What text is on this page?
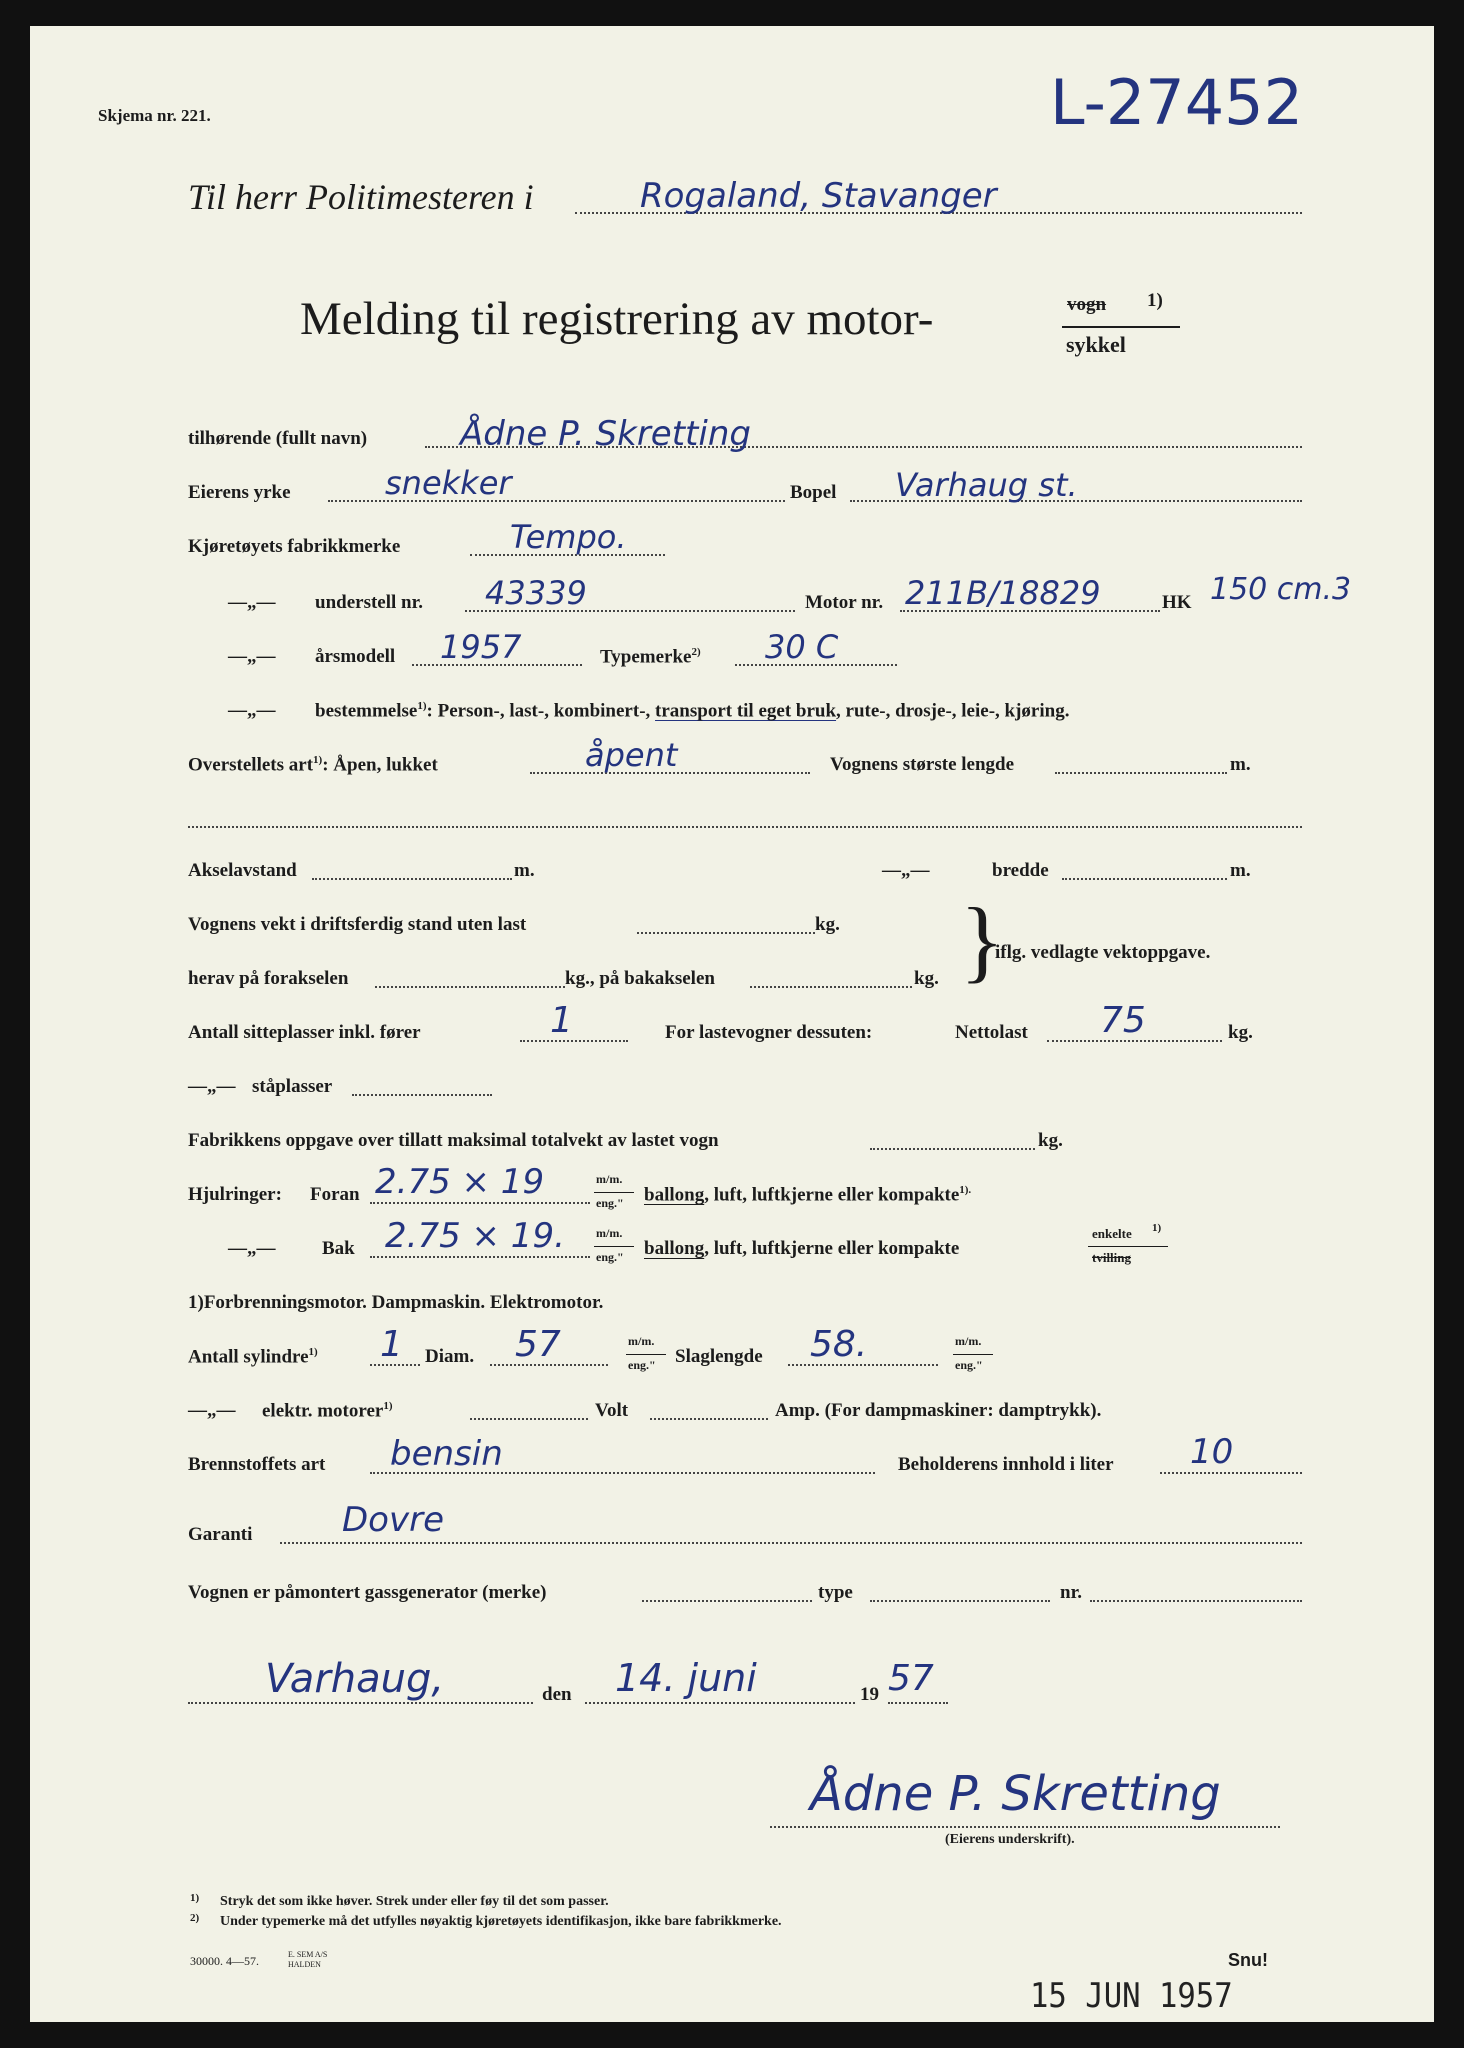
Skjema nr. 221.	L-27452
Til herr Politimesteren i	Rogaland, Stavanger
Melding til registrering av motor-	vogn 1)
sykkel
tilhørende (fullt navn)	Ådne P. Skretting
Eierens yrke	snekker	Bopel Varhaug st.
Kjøretøyets fabrikkmerke	Tempo.
—„— understell nr. 43339	Motor nr. 211B/18829	HK 150 cm.3
—„— årsmodell 1957	Typemerke$^{2)}$ 30 C
—„— bestemmelse$^{1)}$: Person-, last-, kombinert-, transport til eget bruk, rute-, drosje-, leie-, kjøring.
Overstellets art$^{1)}$: Åpen, lukket	åpent	Vognens største lengde	m.
Akselavstand	m.	—„—	bredde	m.
Vognens vekt i driftsferdig stand uten last	kg. }
iflg. vedlagte vektoppgave.
herav på forakselen	kg., på bakakselen	kg.
Antall sitteplasser inkl. fører	1	For lastevogner dessuten:	Nettolast 75	kg.
—„— ståplasser
Fabrikkens oppgave over tillatt maksimal totalvekt av lastet vogn	kg.
Hjulringer: Foran 2.75 × 19	m/m.
eng." ballong, luft, luftkjerne eller kompakte$^{1).}$
—„— Bak 2.75 × 19.	m/m.
eng." ballong, luft, luftkjerne eller kompakte
enkelte 1)
tvilling
1)Forbrenningsmotor. Dampmaskin. Elektromotor.
Antall sylindre$^{1)}$ 1 Diam. 57	m/m.
eng." Slaglengde 58.	m/m.
eng."
—„— elektr. motorer$^{1)}$	Volt	Amp. (For dampmaskiner: damptrykk).
Brennstoffets art bensin	Beholderens innhold i liter 10
Garanti	Dovre
Vognen er påmontert gassgenerator (merke)	type	nr.
Varhaug,	den 14. juni	19 57
Ådne P. Skretting
(Eierens underskrift).
1) Stryk det som ikke høver. Strek under eller føy til det som passer.
2) Under typemerke må det utfylles nøyaktig kjøretøyets identifikasjon, ikke bare fabrikkmerke.
30000. 4—57.	E. SEM A/S
HALDEN	Snu!
15 JUN 1957
